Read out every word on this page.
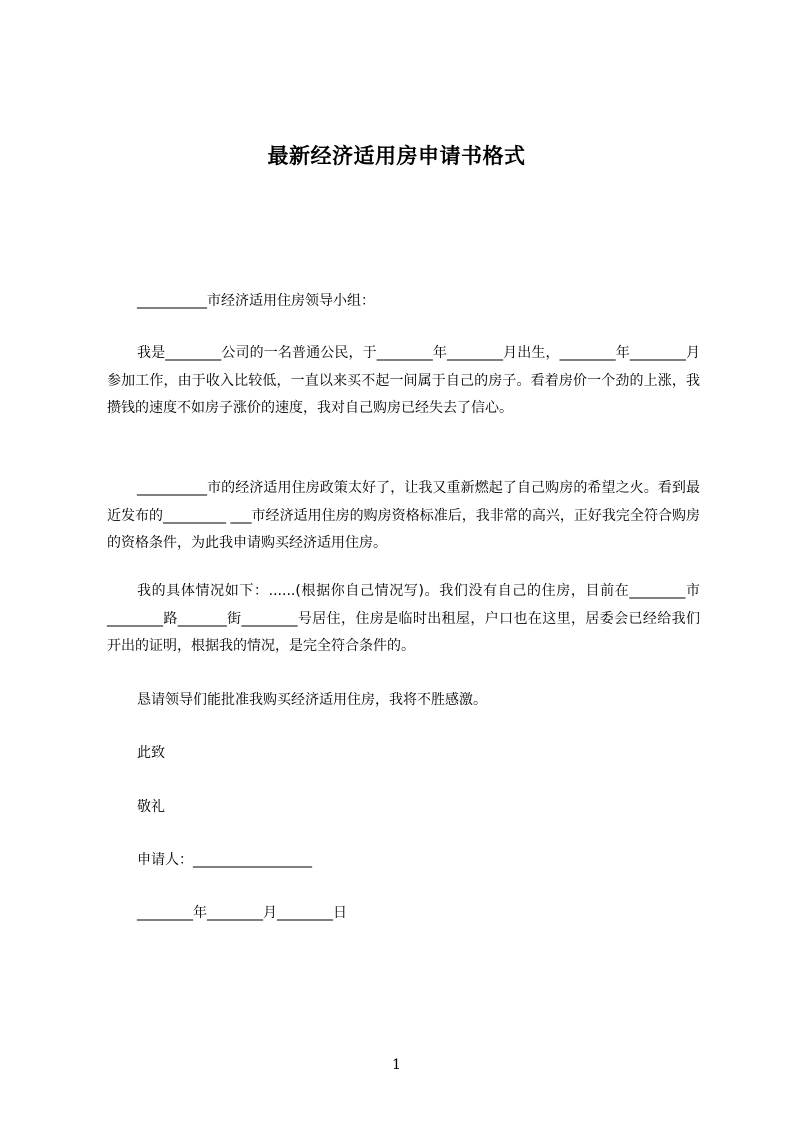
最新经济适用房申请书格式

__________市经济适用住房领导小组：

我是________公司的一名普通公民，于________年________月出生，________年________月参加工作，由于收入比较低，一直以来买不起一间属于自己的房子。看着房价一个劲的上涨，我攒钱的速度不如房子涨价的速度，我对自己购房已经失去了信心。

__________市的经济适用住房政策太好了，让我又重新燃起了自己购房的希望之火。看到最近发布的_________ ___市经济适用住房的购房资格标准后，我非常的高兴，正好我完全符合购房的资格条件，为此我申请购买经济适用住房。

我的具体情况如下：......(根据你自己情况写)。我们没有自己的住房，目前在________市________路_______街________号居住，住房是临时出租屋，户口也在这里，居委会已经给我们开出的证明，根据我的情况，是完全符合条件的。

恳请领导们能批准我购买经济适用住房，我将不胜感激。

此致

敬礼

申请人：_________________

________年________月________日

1
